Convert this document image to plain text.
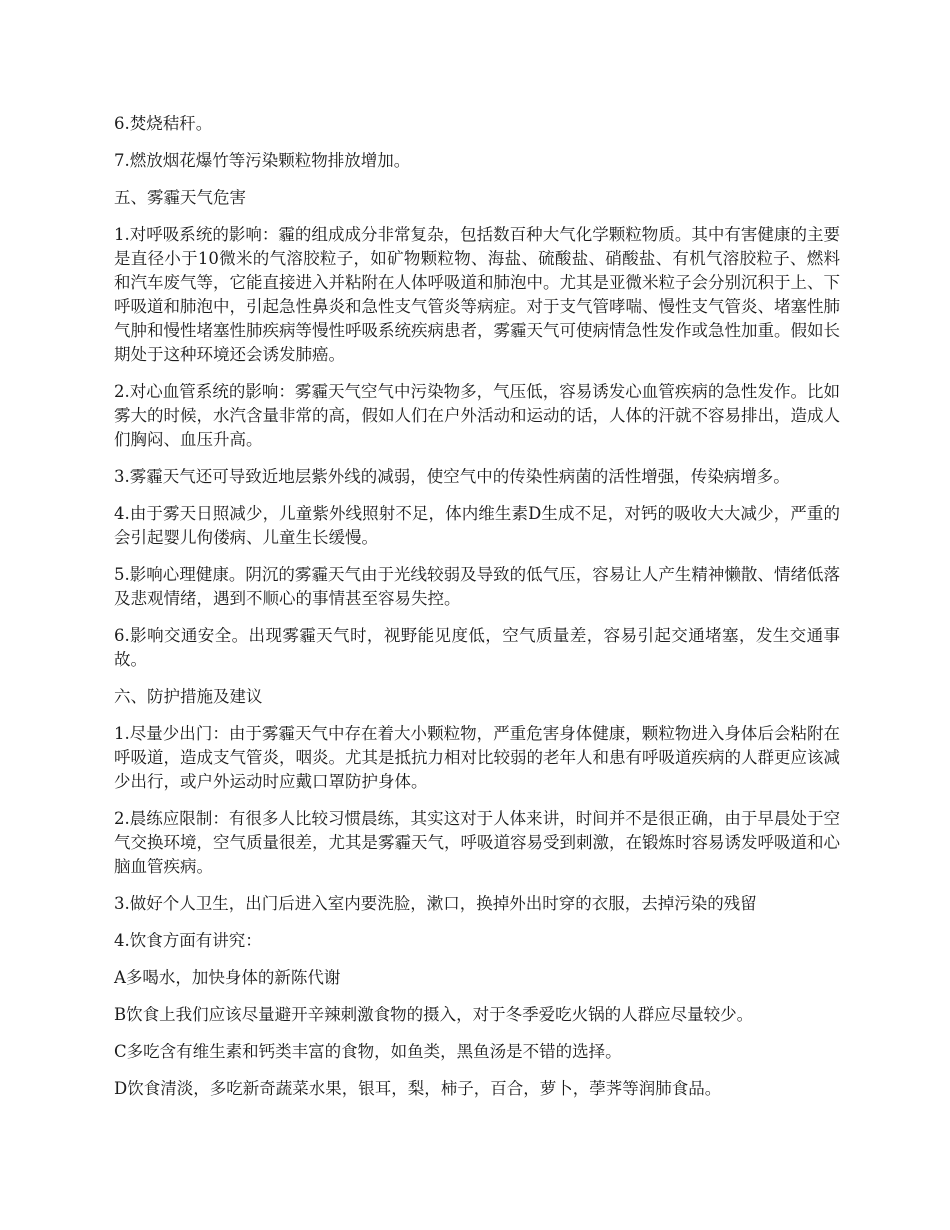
6.焚烧秸秆。

7.燃放烟花爆竹等污染颗粒物排放增加。

五、雾霾天气危害

1.对呼吸系统的影响：霾的组成成分非常复杂，包括数百种大气化学颗粒物质。其中有害健康的主要是直径小于10微米的气溶胶粒子，如矿物颗粒物、海盐、硫酸盐、硝酸盐、有机气溶胶粒子、燃料和汽车废气等，它能直接进入并粘附在人体呼吸道和肺泡中。尤其是亚微米粒子会分别沉积于上、下呼吸道和肺泡中，引起急性鼻炎和急性支气管炎等病症。对于支气管哮喘、慢性支气管炎、堵塞性肺气肿和慢性堵塞性肺疾病等慢性呼吸系统疾病患者，雾霾天气可使病情急性发作或急性加重。假如长期处于这种环境还会诱发肺癌。

2.对心血管系统的影响：雾霾天气空气中污染物多，气压低，容易诱发心血管疾病的急性发作。比如雾大的时候，水汽含量非常的高，假如人们在户外活动和运动的话，人体的汗就不容易排出，造成人们胸闷、血压升高。

3.雾霾天气还可导致近地层紫外线的减弱，使空气中的传染性病菌的活性增强，传染病增多。

4.由于雾天日照减少，儿童紫外线照射不足，体内维生素D生成不足，对钙的吸收大大减少，严重的会引起婴儿佝偻病、儿童生长缓慢。

5.影响心理健康。阴沉的雾霾天气由于光线较弱及导致的低气压，容易让人产生精神懒散、情绪低落及悲观情绪，遇到不顺心的事情甚至容易失控。

6.影响交通安全。出现雾霾天气时，视野能见度低，空气质量差，容易引起交通堵塞，发生交通事故。

六、防护措施及建议

1.尽量少出门：由于雾霾天气中存在着大小颗粒物，严重危害身体健康，颗粒物进入身体后会粘附在呼吸道，造成支气管炎，咽炎。尤其是抵抗力相对比较弱的老年人和患有呼吸道疾病的人群更应该减少出行，或户外运动时应戴口罩防护身体。

2.晨练应限制：有很多人比较习惯晨练，其实这对于人体来讲，时间并不是很正确，由于早晨处于空气交换环境，空气质量很差，尤其是雾霾天气，呼吸道容易受到刺激，在锻炼时容易诱发呼吸道和心脑血管疾病。

3.做好个人卫生，出门后进入室内要洗脸，漱口，换掉外出时穿的衣服，去掉污染的残留

4.饮食方面有讲究：

A多喝水，加快身体的新陈代谢

B饮食上我们应该尽量避开辛辣刺激食物的摄入，对于冬季爱吃火锅的人群应尽量较少。

C多吃含有维生素和钙类丰富的食物，如鱼类，黑鱼汤是不错的选择。

D饮食清淡，多吃新奇蔬菜水果，银耳，梨，柿子，百合，萝卜，荸荠等润肺食品。
